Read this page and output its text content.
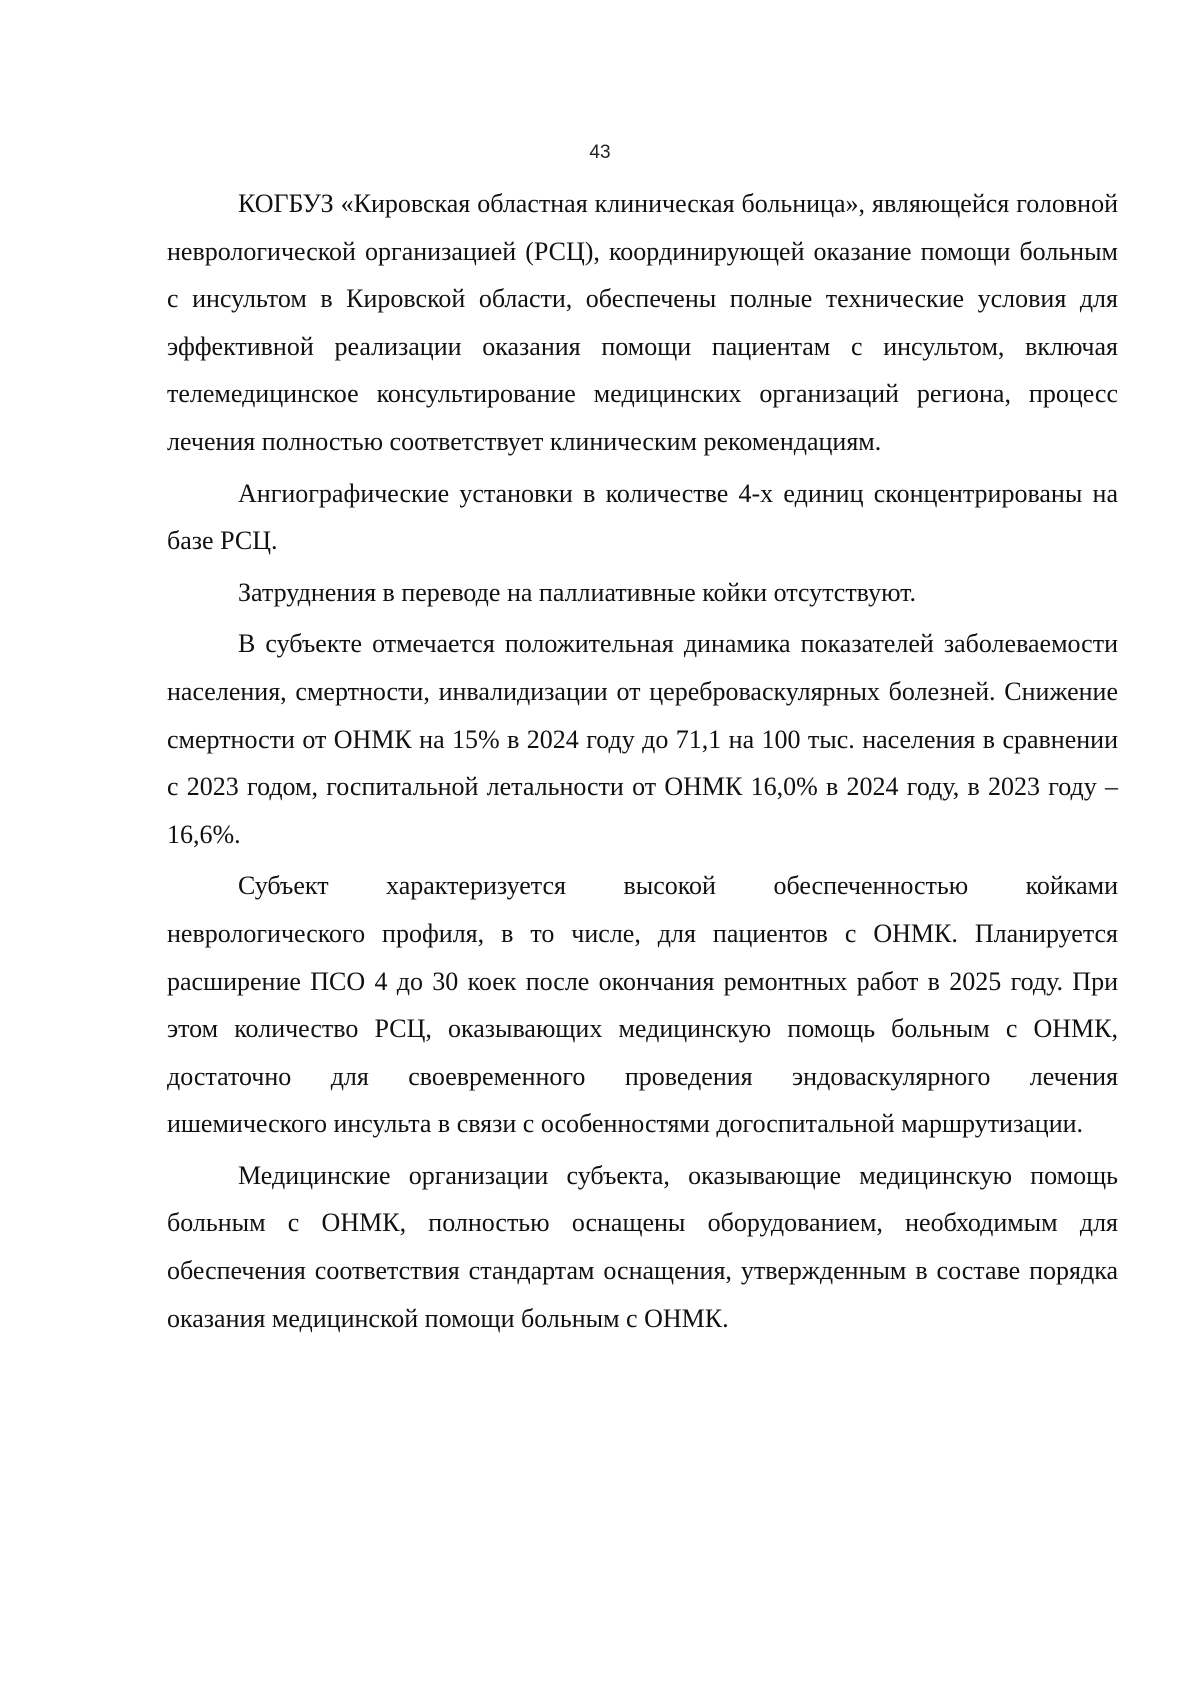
43

КОГБУЗ «Кировская областная клиническая больница», являющейся головной неврологической организацией (РСЦ), координирующей оказание помощи больным с инсультом в Кировской области, обеспечены полные технические условия для эффективной реализации оказания помощи пациентам с инсультом, включая телемедицинское консультирование медицинских организаций региона, процесс лечения полностью соответствует клиническим рекомендациям.

Ангиографические установки в количестве 4-х единиц сконцентрированы на базе РСЦ.

Затруднения в переводе на паллиативные койки отсутствуют.

В субъекте отмечается положительная динамика показателей заболеваемости населения, смертности, инвалидизации от цереброваскулярных болезней. Снижение смертности от ОНМК на 15% в 2024 году до 71,1 на 100 тыс. населения в сравнении с 2023 годом, госпитальной летальности от ОНМК 16,0% в 2024 году, в 2023 году – 16,6%.

Субъект характеризуется высокой обеспеченностью койками неврологического профиля, в то числе, для пациентов с ОНМК. Планируется расширение ПСО 4 до 30 коек после окончания ремонтных работ в 2025 году. При этом количество РСЦ, оказывающих медицинскую помощь больным с ОНМК, достаточно для своевременного проведения эндоваскулярного лечения ишемического инсульта в связи с особенностями догоспитальной маршрутизации.

Медицинские организации субъекта, оказывающие медицинскую помощь больным с ОНМК, полностью оснащены оборудованием, необходимым для обеспечения соответствия стандартам оснащения, утвержденным в составе порядка оказания медицинской помощи больным с ОНМК.
